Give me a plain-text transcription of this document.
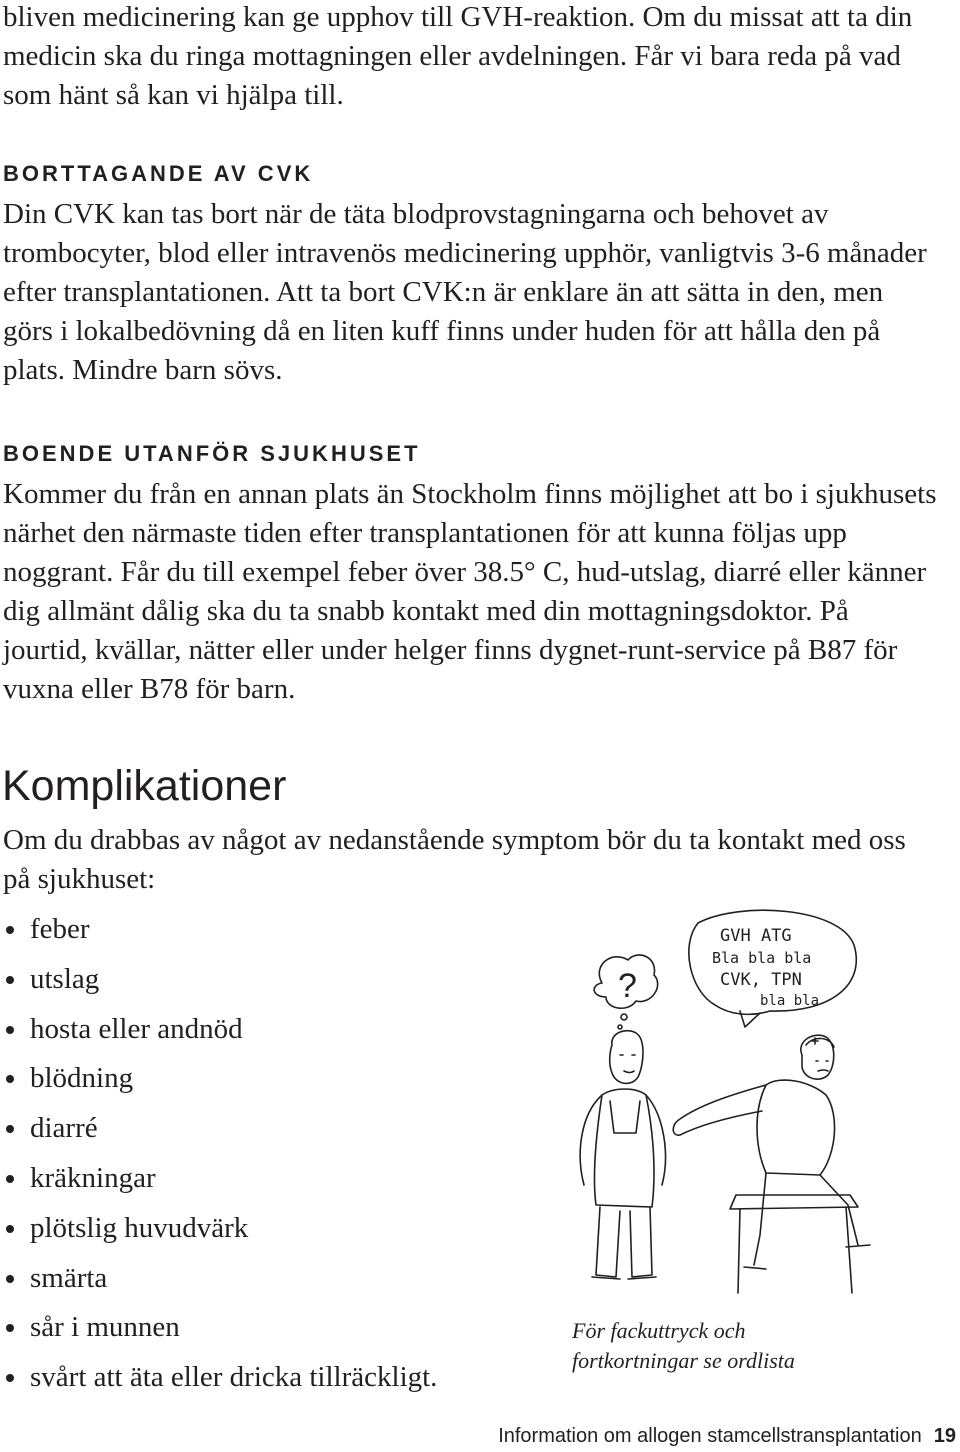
bliven medicinering kan ge upphov till GVH-reaktion. Om du missat att ta din medicin ska du ringa mottagningen eller avdelningen. Får vi bara reda på vad som hänt så kan vi hjälpa till.

BORTTAGANDE AV CVK

Din CVK kan tas bort när de täta blodprovstagningarna och behovet av trombocyter, blod eller intravenös medicinering upphör, vanligtvis 3-6 månader efter transplantationen. Att ta bort CVK:n är enklare än att sätta in den, men görs i lokalbedövning då en liten kuff finns under huden för att hålla den på plats. Mindre barn sövs.

BOENDE UTANFÖR SJUKHUSET

Kommer du från en annan plats än Stockholm finns möjlighet att bo i sjukhusets närhet den närmaste tiden efter transplantationen för att kunna följas upp noggrant. Får du till exempel feber över 38.5° C, hud-utslag, diarré eller känner dig allmänt dålig ska du ta snabb kontakt med din mottagningsdoktor. På jourtid, kvällar, nätter eller under helger finns dygnet-runt-service på B87 för vuxna eller B78 för barn.

Komplikationer

Om du drabbas av något av nedanstående symptom bör du ta kontakt med oss på sjukhuset:

feber
utslag
hosta eller andnöd
blödning
diarré
kräkningar
plötslig huvudvärk
smärta
sår i munnen
svårt att äta eller dricka tillräckligt.
?
GVH ATG
Bla bla bla
CVK, TPN
bla bla

För fackuttryck och
fortkortningar se ordlista

Information om allogen stamcellstransplantation 19
